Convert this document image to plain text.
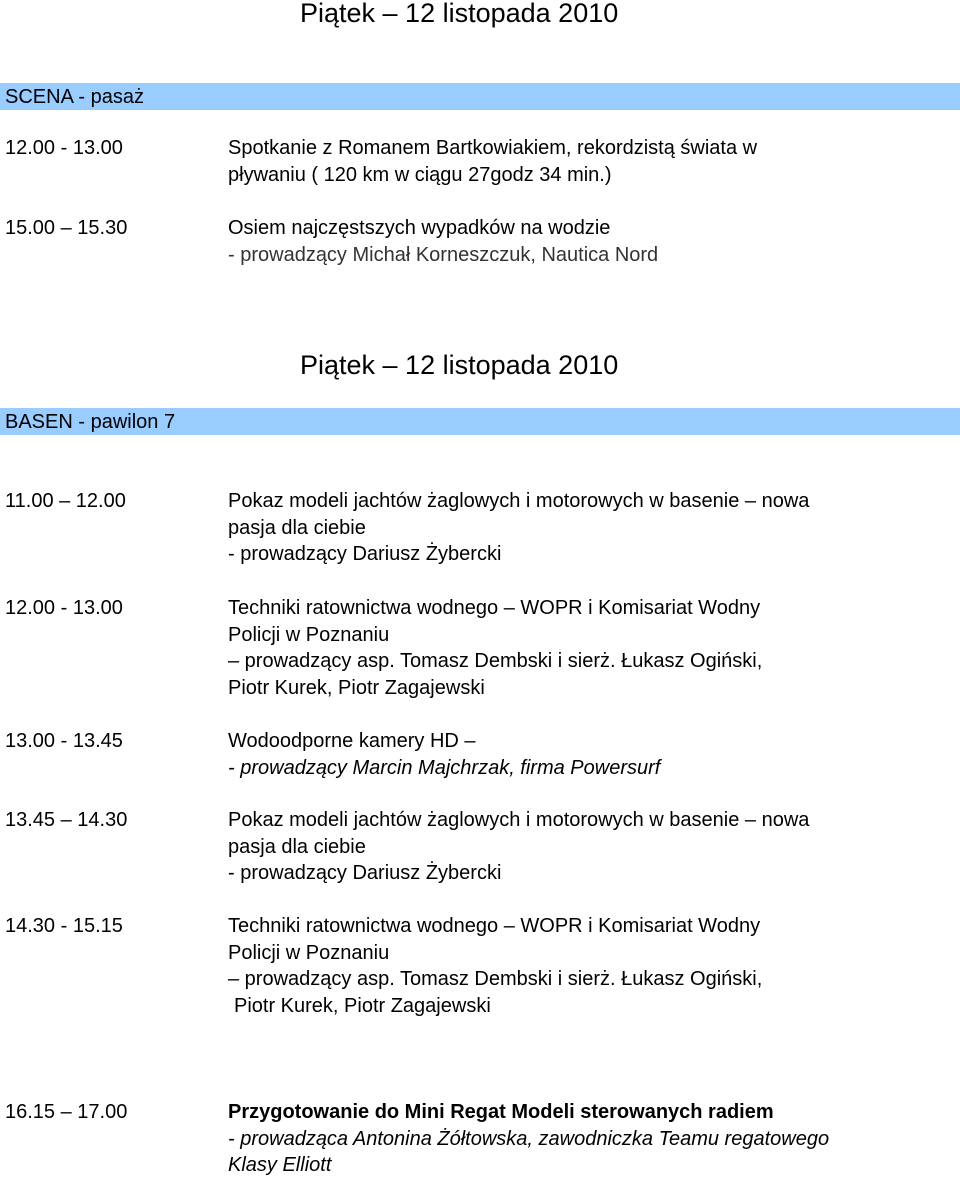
Piątek – 12 listopada 2010
SCENA - pasaż
12.00 - 13.00	Spotkanie z Romanem Bartkowiakiem, rekordzistą świata w
pływaniu ( 120 km w ciągu 27godz 34 min.)
15.00 – 15.30	Osiem najczęstszych wypadków na wodzie
- prowadzący Michał Korneszczuk, Nautica Nord
Piątek – 12 listopada 2010
BASEN - pawilon 7
11.00 – 12.00	Pokaz modeli jachtów żaglowych i motorowych w basenie – nowa
pasja dla ciebie
- prowadzący Dariusz Żybercki
12.00 - 13.00	Techniki ratownictwa wodnego – WOPR i Komisariat Wodny
Policji w Poznaniu
– prowadzący asp. Tomasz Dembski i sierż. Łukasz Ogiński,
Piotr Kurek, Piotr Zagajewski
13.00 - 13.45	Wodoodporne kamery HD –
- prowadzący Marcin Majchrzak, firma Powersurf
13.45 – 14.30	Pokaz modeli jachtów żaglowych i motorowych w basenie – nowa
pasja dla ciebie
- prowadzący Dariusz Żybercki
14.30 - 15.15	Techniki ratownictwa wodnego – WOPR i Komisariat Wodny
Policji w Poznaniu
– prowadzący asp. Tomasz Dembski i sierż. Łukasz Ogiński,
Piotr Kurek, Piotr Zagajewski
16.15 – 17.00	Przygotowanie do Mini Regat Modeli sterowanych radiem
- prowadząca Antonina Żółtowska, zawodniczka Teamu regatowego
Klasy Elliott
